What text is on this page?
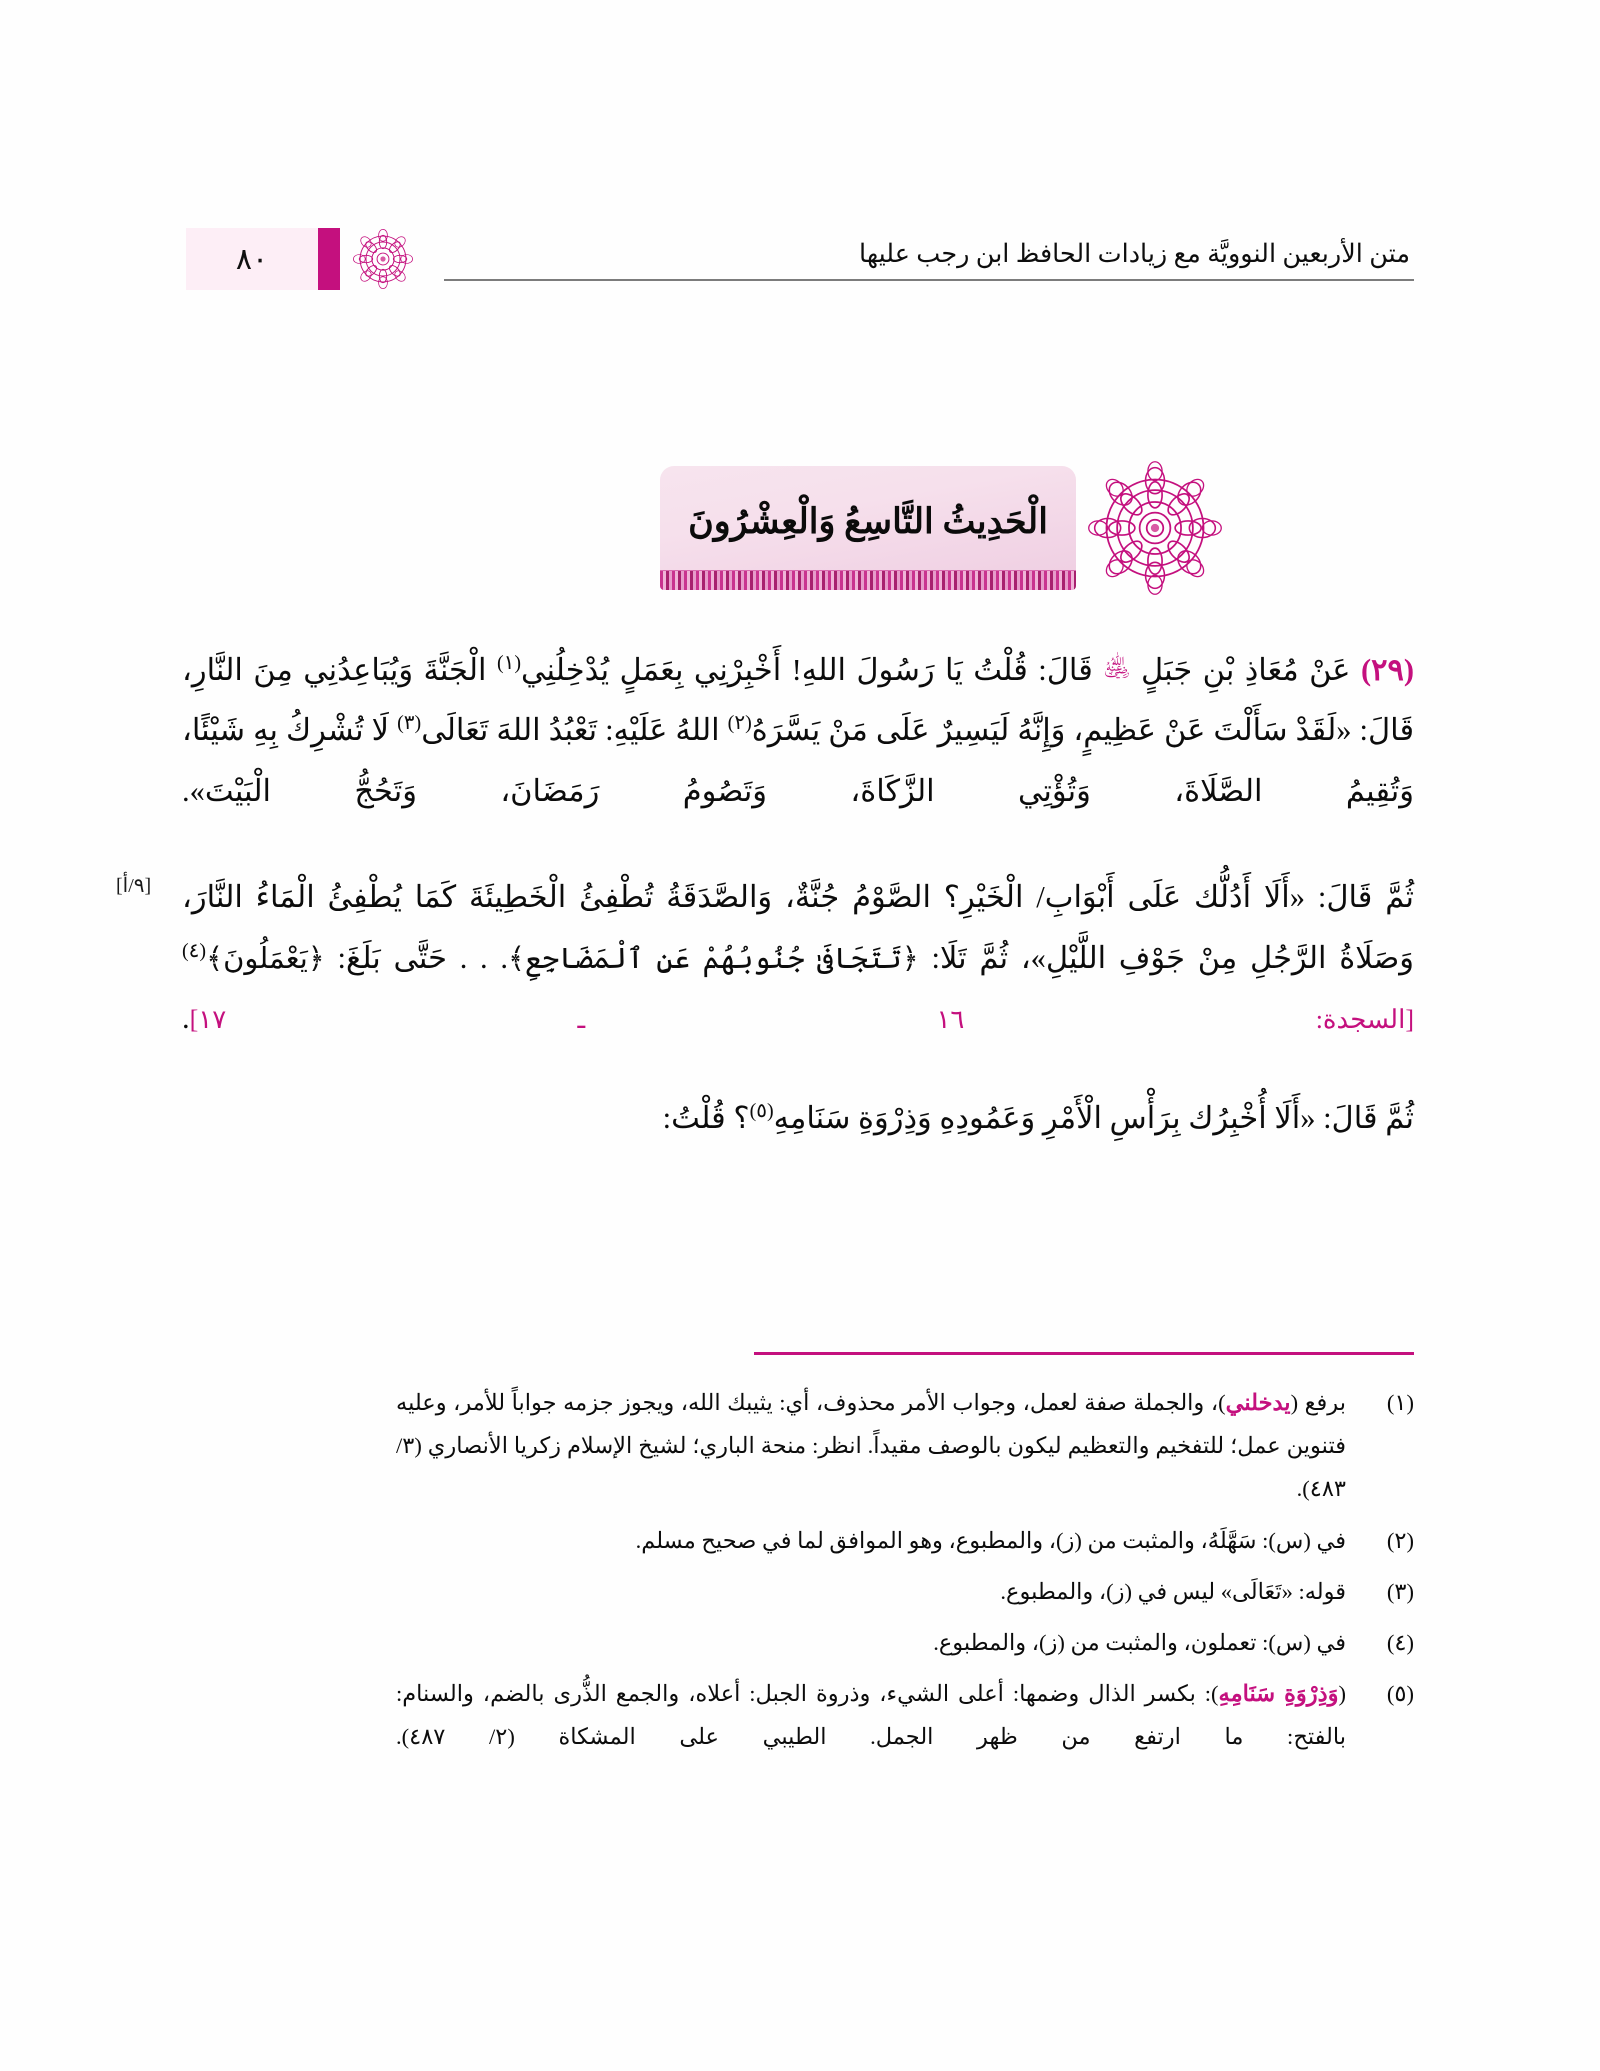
متن الأربعين النوويَّة مع زيادات الحافظ ابن رجب عليها
٨٠
الْحَدِيثُ التَّاسِعُ وَالْعِشْرُونَ

(٢٩) عَنْ مُعَاذِ بْنِ جَبَلٍ ﵁ قَالَ: قُلْتُ يَا رَسُولَ اللهِ! أَخْبِرْنِي بِعَمَلٍ يُدْخِلُنِي$^{(١)}$ الْجَنَّةَ وَيُبَاعِدُنِي مِنَ النَّارِ، قَالَ: «لَقَدْ سَأَلْتَ عَنْ عَظِيمٍ، وَإِنَّهُ لَيَسِيرٌ عَلَى مَنْ يَسَّرَهُ$^{(٢)}$ اللهُ عَلَيْهِ: تَعْبُدُ اللهَ تَعَالَى$^{(٣)}$ لَا تُشْرِكُ بِهِ شَيْئًا، وَتُقِيمُ الصَّلَاةَ، وَتُؤْتِي الزَّكَاةَ، وَتَصُومُ رَمَضَانَ، وَتَحُجُّ الْبَيْتَ».

[٩/أ] ثُمَّ قَالَ: «أَلَا أَدُلُّك عَلَى أَبْوَابِ/ الْخَيْرِ؟ الصَّوْمُ جُنَّةٌ، وَالصَّدَقَةُ تُطْفِئُ الْخَطِيئَةَ كَمَا يُطْفِئُ الْمَاءُ النَّارَ، وَصَلَاةُ الرَّجُلِ مِنْ جَوْفِ اللَّيْلِ»، ثُمَّ تَلَا: ﴿تَتَجَافَىٰ جُنُوبُهُمْ عَنِ ٱلْمَضَاجِعِ﴾. . . حَتَّى بَلَغَ: ﴿يَعْمَلُونَ﴾$^{(٤)}$ [السجدة: ١٦ ـ ١٧].

ثُمَّ قَالَ: «أَلَا أُخْبِرُك بِرَأْسِ الْأَمْرِ وَعَمُودِهِ وَذِرْوَةِ سَنَامِهِ$^{(٥)}$؟ قُلْتُ:

(١)
برفع (يدخلني)، والجملة صفة لعمل، وجواب الأمر محذوف، أي: يثيبك الله، ويجوز جزمه جواباً للأمر، وعليه فتنوين عمل؛ للتفخيم والتعظيم ليكون بالوصف مقيداً. انظر: منحة الباري؛ لشيخ الإسلام زكريا الأنصاري (٣/ ٤٨٣).
(٢)
في (س): سَهَّلَهُ، والمثبت من (ز)، والمطبوع، وهو الموافق لما في صحيح مسلم.
(٣)
قوله: «تَعَالَى» ليس في (ز)، والمطبوع.
(٤)
في (س): تعملون، والمثبت من (ز)، والمطبوع.
(٥)
(وَذِرْوَةِ سَنَامِهِ): بكسر الذال وضمها: أعلى الشيء، وذروة الجبل: أعلاه، والجمع الذُّرى بالضم، والسنام: بالفتح: ما ارتفع من ظهر الجمل. الطيبي على المشكاة (٢/ ٤٨٧).
